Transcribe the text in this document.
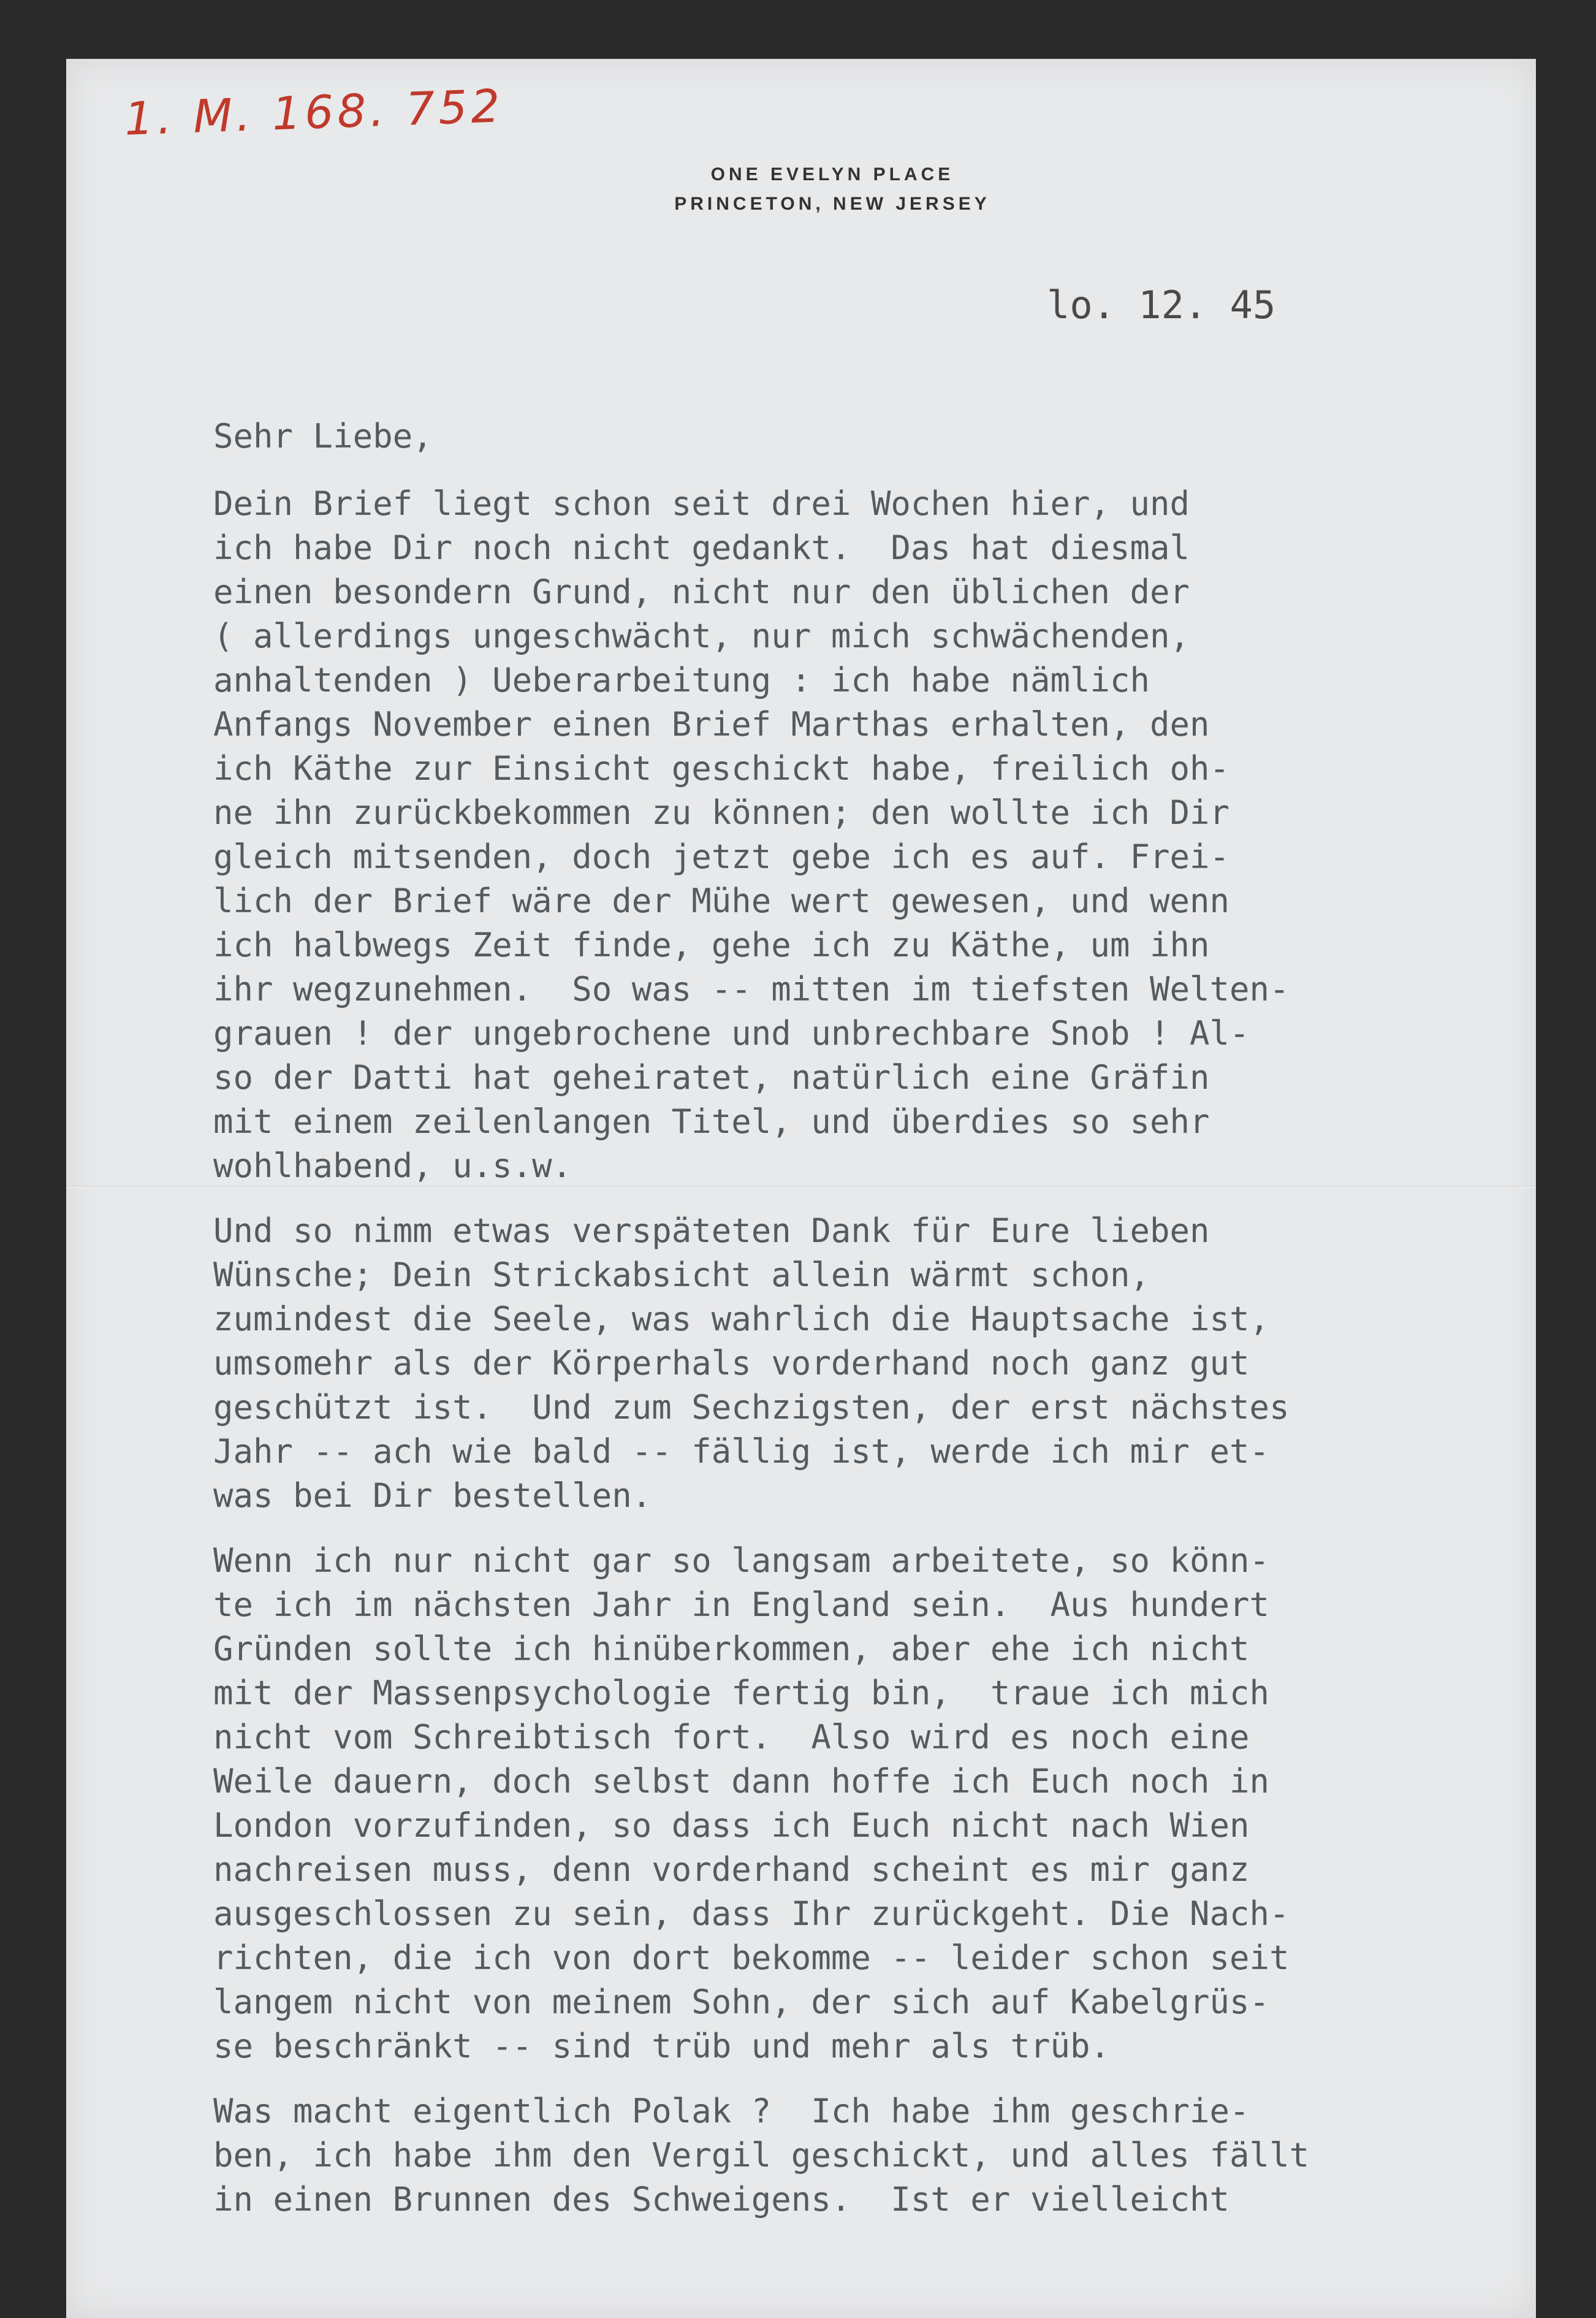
1. M. 168. 752
ONE EVELYN PLACE
PRINCETON, NEW JERSEY
lo. 12. 45
Sehr Liebe,
Dein Brief liegt schon seit drei Wochen hier, und
ich habe Dir noch nicht gedankt.  Das hat diesmal
einen besondern Grund, nicht nur den üblichen der
( allerdings ungeschwächt, nur mich schwächenden,
anhaltenden ) Ueberarbeitung : ich habe nämlich
Anfangs November einen Brief Marthas erhalten, den
ich Käthe zur Einsicht geschickt habe, freilich oh-
ne ihn zurückbekommen zu können; den wollte ich Dir
gleich mitsenden, doch jetzt gebe ich es auf. Frei-
lich der Brief wäre der Mühe wert gewesen, und wenn
ich halbwegs Zeit finde, gehe ich zu Käthe, um ihn
ihr wegzunehmen.  So was -- mitten im tiefsten Welten-
grauen ! der ungebrochene und unbrechbare Snob ! Al-
so der Datti hat geheiratet, natürlich eine Gräfin
mit einem zeilenlangen Titel, und überdies so sehr
wohlhabend, u.s.w.
Und so nimm etwas verspäteten Dank für Eure lieben
Wünsche; Dein Strickabsicht allein wärmt schon,
zumindest die Seele, was wahrlich die Hauptsache ist,
umsomehr als der Körperhals vorderhand noch ganz gut
geschützt ist.  Und zum Sechzigsten, der erst nächstes
Jahr -- ach wie bald -- fällig ist, werde ich mir et-
was bei Dir bestellen.
Wenn ich nur nicht gar so langsam arbeitete, so könn-
te ich im nächsten Jahr in England sein.  Aus hundert
Gründen sollte ich hinüberkommen, aber ehe ich nicht
mit der Massenpsychologie fertig bin,  traue ich mich
nicht vom Schreibtisch fort.  Also wird es noch eine
Weile dauern, doch selbst dann hoffe ich Euch noch in
London vorzufinden, so dass ich Euch nicht nach Wien
nachreisen muss, denn vorderhand scheint es mir ganz
ausgeschlossen zu sein, dass Ihr zurückgeht. Die Nach-
richten, die ich von dort bekomme -- leider schon seit
langem nicht von meinem Sohn, der sich auf Kabelgrüs-
se beschränkt -- sind trüb und mehr als trüb.
Was macht eigentlich Polak ?  Ich habe ihm geschrie-
ben, ich habe ihm den Vergil geschickt, und alles fällt
in einen Brunnen des Schweigens.  Ist er vielleicht
